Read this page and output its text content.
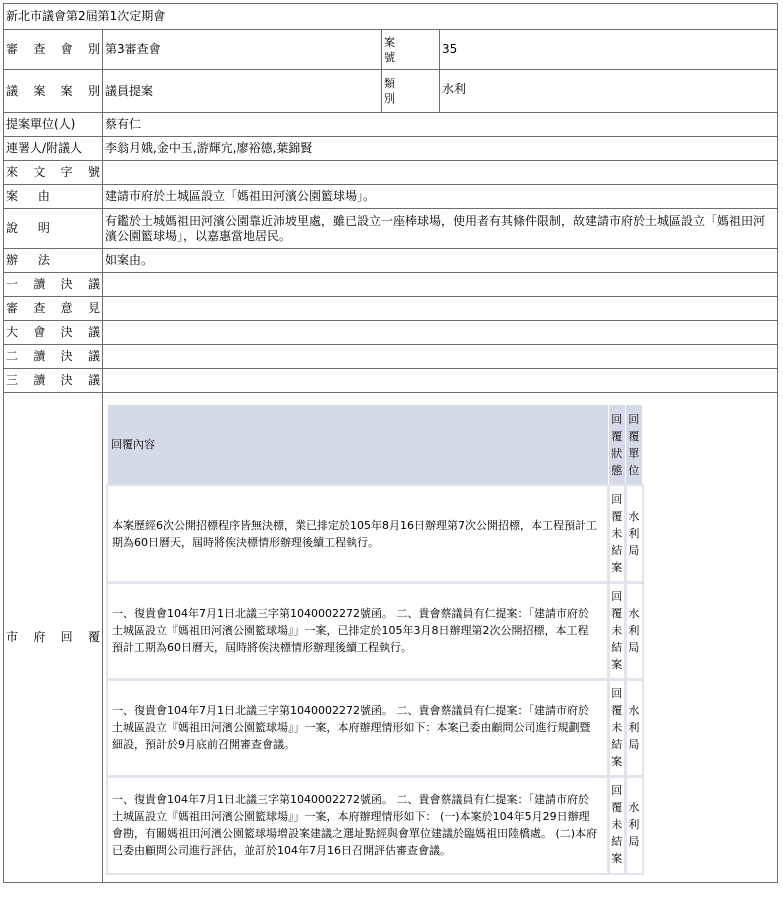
新北市議會第2屆第1次定期會
審 查 會 別	第3審查會	案號	35
議 案 案 別	議員提案	類別	水利
提案單位(人)	蔡有仁
連署人/附議人	李翁月娥,金中玉,游輝宂,廖裕德,葉錦賢
來 文 字 號	
案 由	建請市府於土城區設立「媽祖田河濱公園籃球場」。
說 明	有鑑於土城媽祖田河濱公園靠近沛坡里處，雖已設立一座棒球場，使用者有其條件限制，故建請市府於土城區設立「媽祖田河濱公園籃球場」，以嘉惠當地居民。
辦 法	如案由。
一 讀 決 議	
審 查 意 見	
大 會 決 議	
二 讀 決 議	
三 讀 決 議	
市 府 回 覆	
回覆內容	回覆狀態	回覆單位
本案歷經6次公開招標程序皆無決標，業已排定於105年8月16日辦理第7次公開招標，本工程預計工期為60日曆天，屆時將俟決標情形辦理後續工程執行。	回覆未結案	水利局
一、復貴會104年7月1日北議三字第1040002272號函。 二、貴會蔡議員有仁提案：「建請市府於土城區設立『媽祖田河濱公園籃球場』」一案，已排定於105年3月8日辦理第2次公開招標，本工程預計工期為60日曆天，屆時將俟決標情形辦理後續工程執行。	回覆未結案	水利局
一、復貴會104年7月1日北議三字第1040002272號函。 二、貴會蔡議員有仁提案：「建請市府於土城區設立『媽祖田河濱公園籃球場』」一案，本府辦理情形如下：本案已委由顧問公司進行規劃暨細設，預計於9月底前召開審查會議。	回覆未結案	水利局
一、復貴會104年7月1日北議三字第1040002272號函。 二、貴會蔡議員有仁提案：「建請市府於土城區設立『媽祖田河濱公園籃球場』」一案，本府辦理情形如下： (一)本案於104年5月29日辦理會勘，有關媽祖田河濱公園籃球場增設案建議之選址點經與會單位建議於臨媽祖田陸橋處。 (二)本府已委由顧問公司進行評估，並訂於104年7月16日召開評估審查會議。	回覆未結案	水利局
